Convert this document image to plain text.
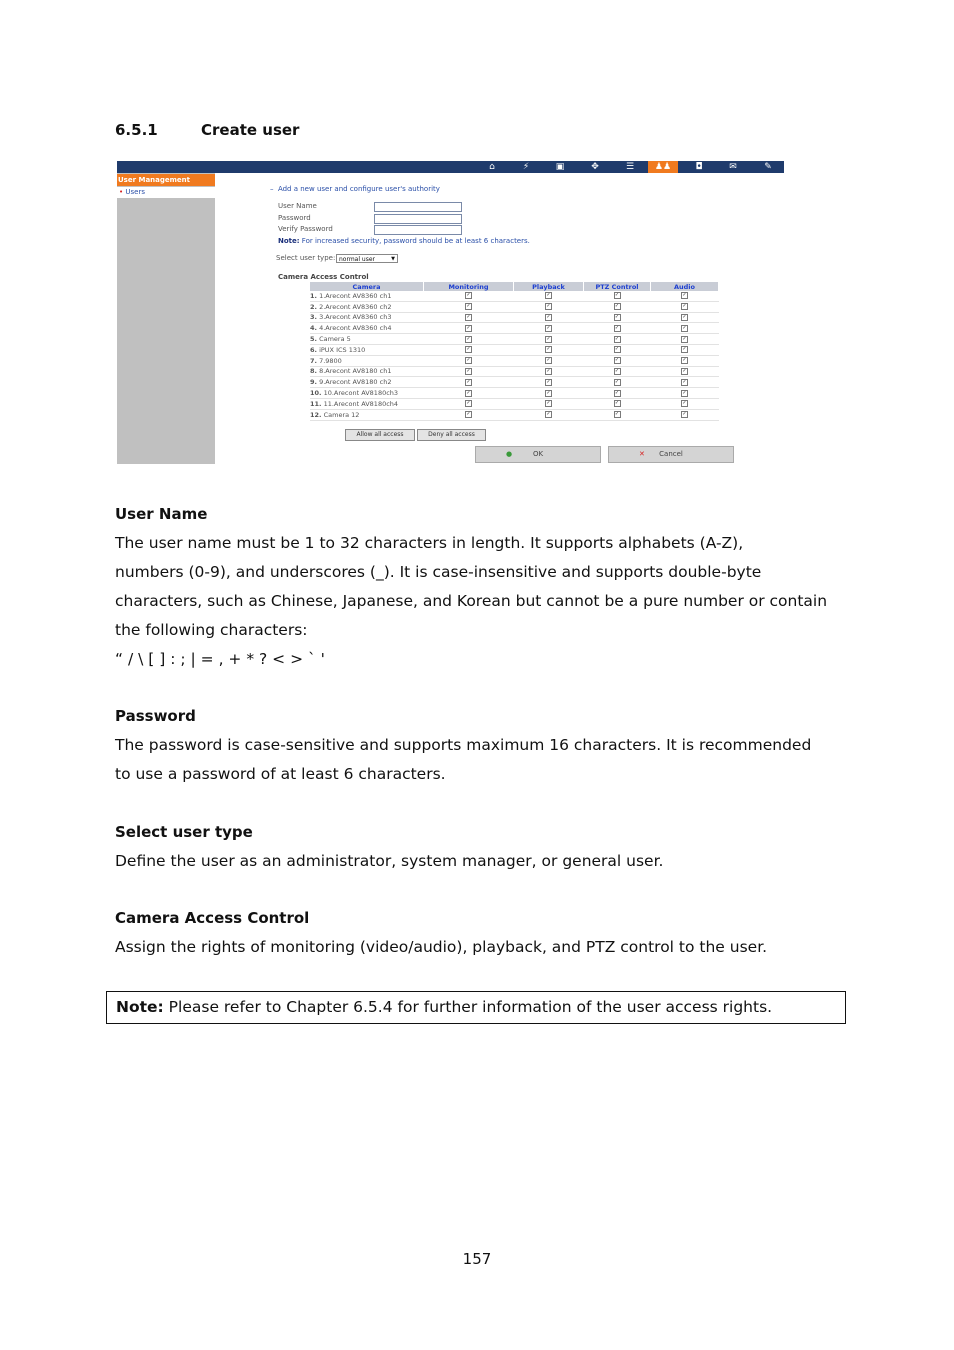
6.5.1	Create user
⌂	⚡	▣	✥	☰	♟♟	◘	✉	✎
User Management
• Users	–  Add a new user and configure user's authority
User Name
Password
Verify Password
Note: For increased security, password should be at least 6 characters.
Select user type: normal user	▼
Camera Access Control
Camera	Monitoring	Playback	PTZ Control	Audio
1. 1.Arecont AV8360 ch1	✓	✓	✓	✓
2. 2.Arecont AV8360 ch2	✓	✓	✓	✓
3. 3.Arecont AV8360 ch3	✓	✓	✓	✓
4. 4.Arecont AV8360 ch4	✓	✓	✓	✓
5. Camera 5	✓	✓	✓	✓
6. iPUX ICS 1310	✓	✓	✓	✓
7. 7.9800	✓	✓	✓	✓
8. 8.Arecont AV8180 ch1	✓	✓	✓	✓
9. 9.Arecont AV8180 ch2	✓	✓	✓	✓
10. 10.Arecont AV8180ch3	✓	✓	✓	✓
11. 11.Arecont AV8180ch4	✓	✓	✓	✓
12. Camera 12	✓	✓	✓	✓
Allow all access	Deny all access
●	OK	✕ Cancel
User Name
The user name must be 1 to 32 characters in length. It supports alphabets (A-Z),
numbers (0-9), and underscores (_). It is case-insensitive and supports double-byte
characters, such as Chinese, Japanese, and Korean but cannot be a pure number or contain
the following characters:
“ / \ [ ] : ; | = , + * ? < > ` '
Password
The password is case-sensitive and supports maximum 16 characters. It is recommended
to use a password of at least 6 characters.
Select user type
Define the user as an administrator, system manager, or general user.
Camera Access Control
Assign the rights of monitoring (video/audio), playback, and PTZ control to the user.
Note: Please refer to Chapter 6.5.4 for further information of the user access rights.
157
